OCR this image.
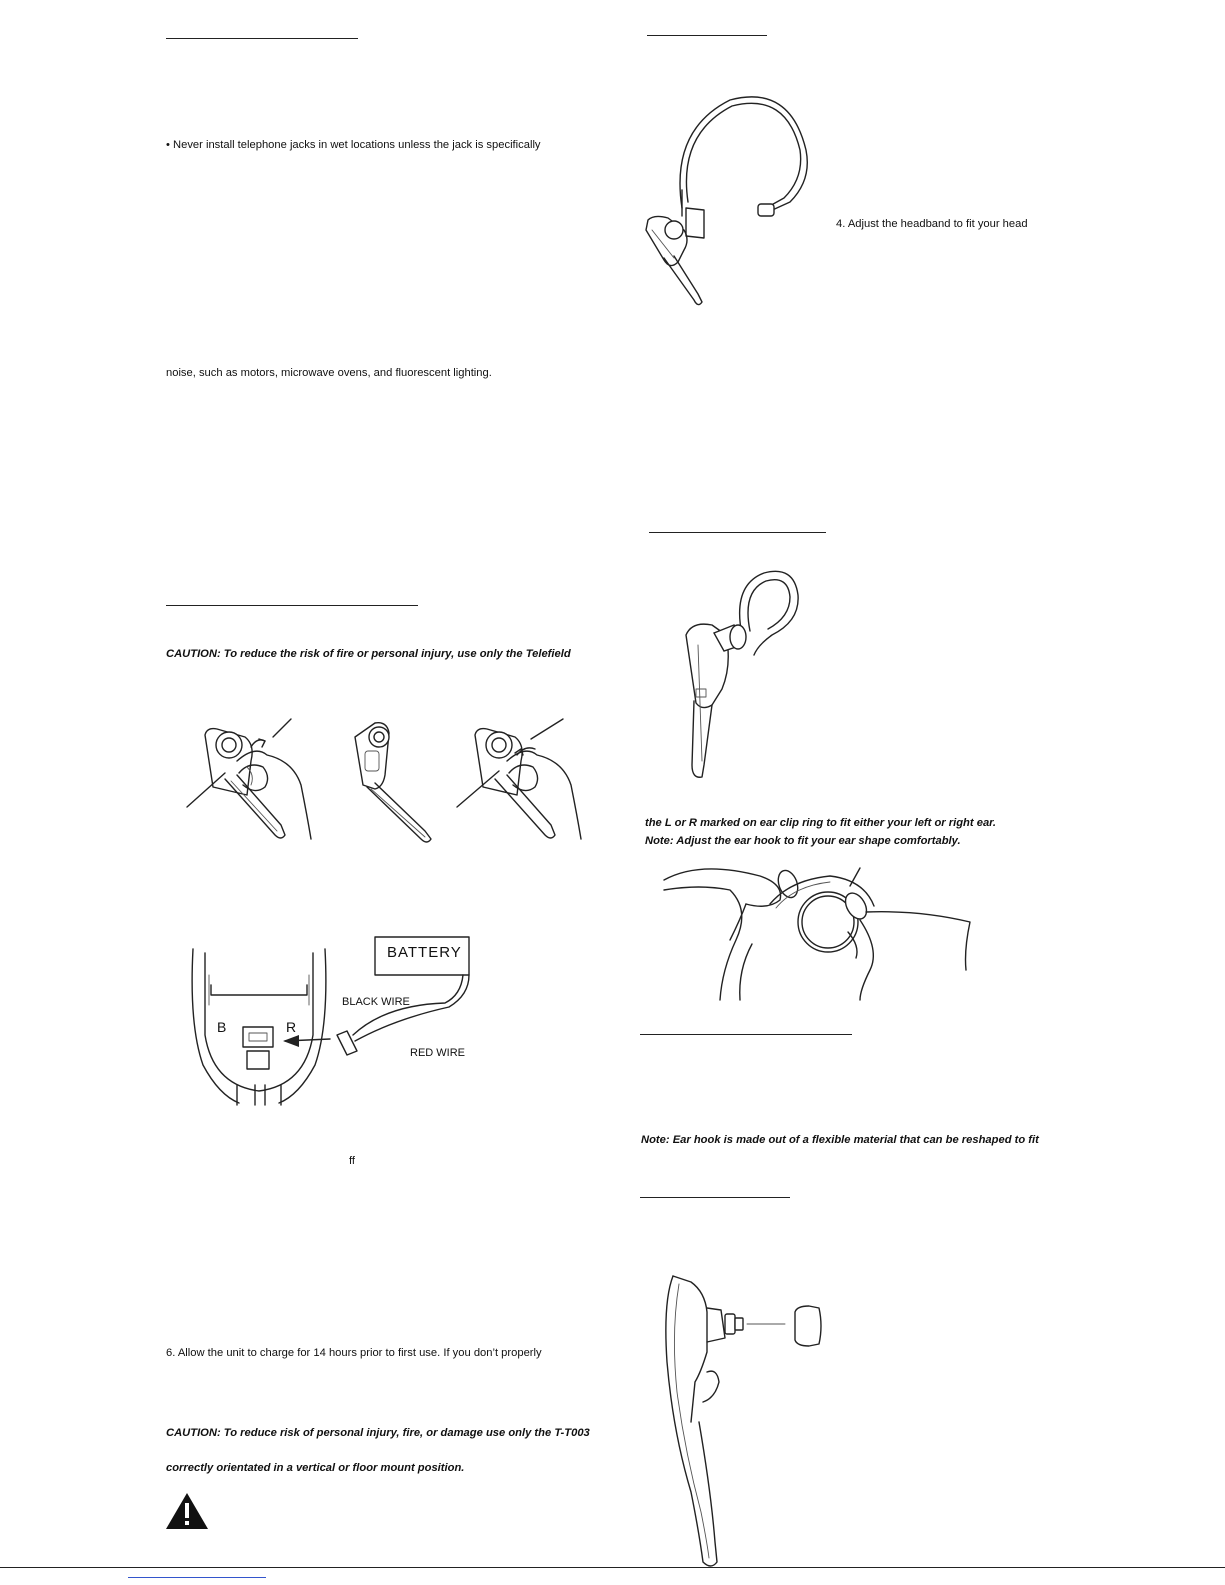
• Never install telephone jacks in wet locations unless the jack is specifically
noise, such as motors, microwave ovens, and fluorescent lighting.
CAUTION: To reduce the risk of fire or personal injury, use only the Telefield
BATTERY
BLACK WIRE
RED WIRE
B	R
ff
6. Allow the unit to charge for 14 hours prior to first use. If you don’t properly
CAUTION: To reduce risk of personal injury, fire, or damage use only the T-T003
correctly orientated in a vertical or floor mount position.
4. Adjust the headband to fit your head
the L or R marked on ear clip ring to fit either your left or right ear.
Note: Adjust the ear hook to fit your ear shape comfortably.
Note: Ear hook is made out of a flexible material that can be reshaped to fit
